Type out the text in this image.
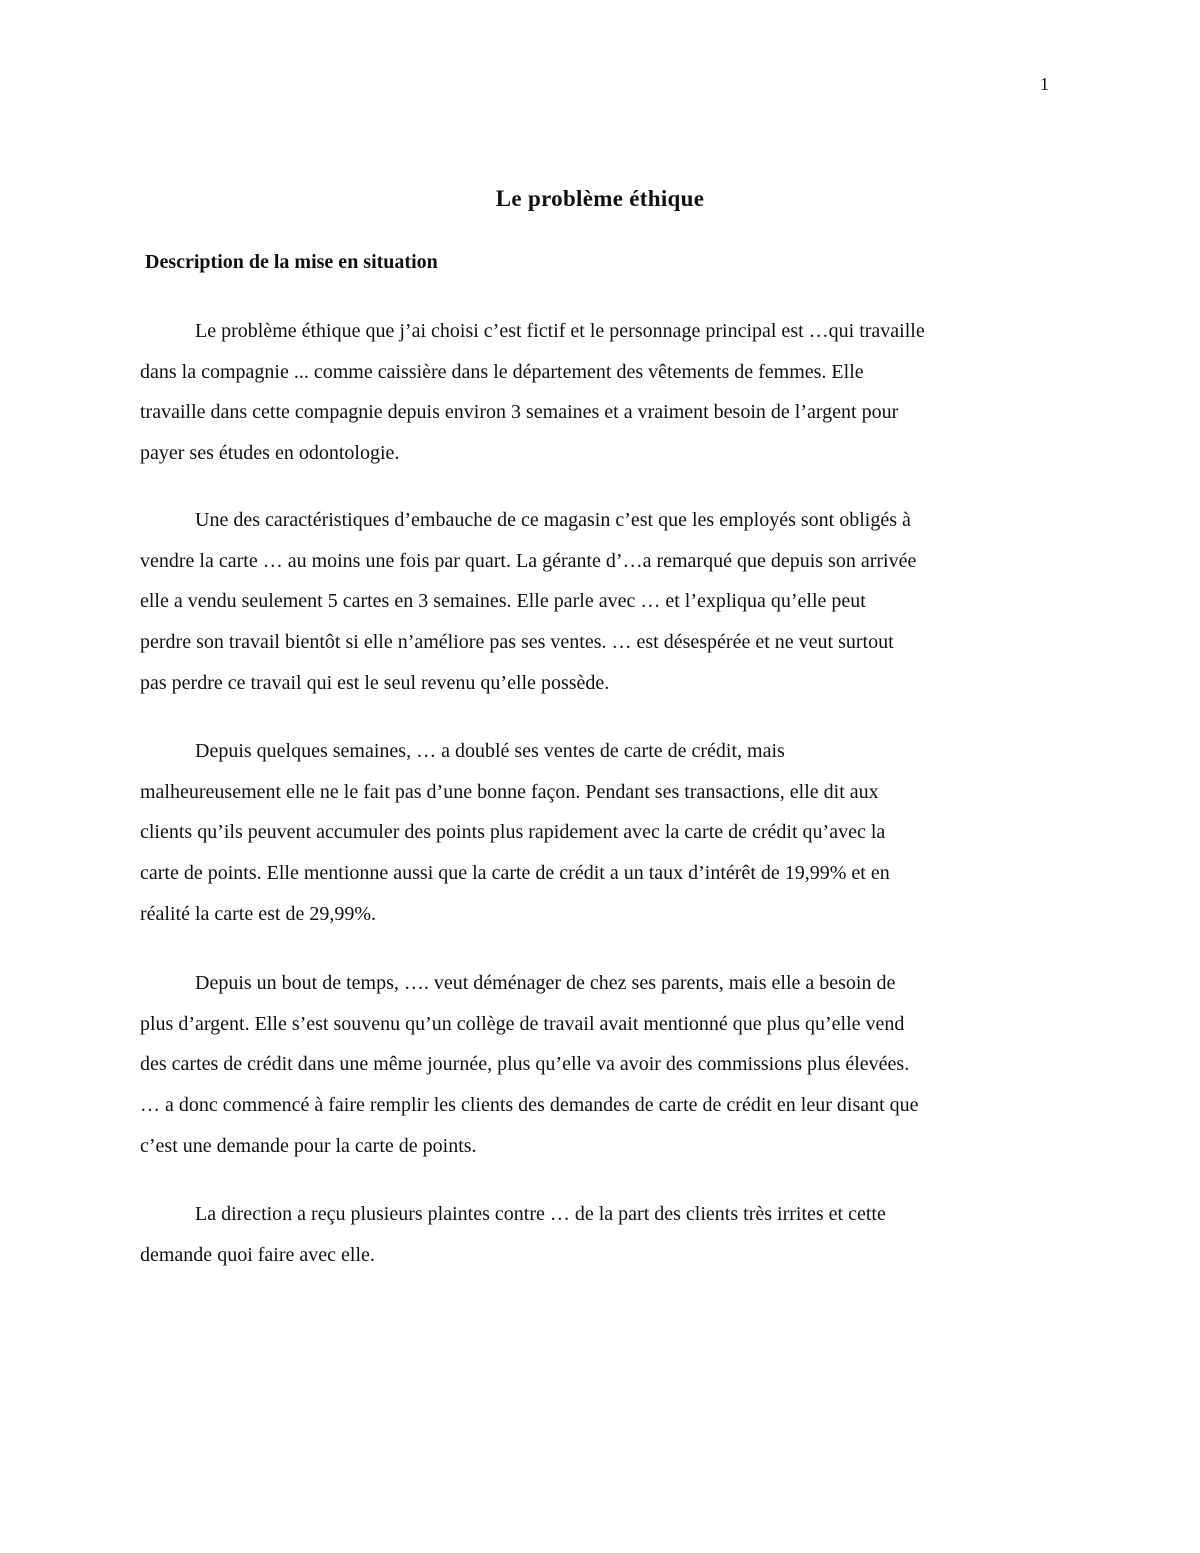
1
Le problème éthique
Description de la mise en situation
Le problème éthique que j’ai choisi c’est fictif et le personnage principal est …qui travaille
dans la compagnie ... comme caissière dans le département des vêtements de femmes. Elle
travaille dans cette compagnie depuis environ 3 semaines et a vraiment besoin de l’argent pour
payer ses études en odontologie.
Une des caractéristiques d’embauche de ce magasin c’est que les employés sont obligés à
vendre la carte … au moins une fois par quart. La gérante d’…a remarqué que depuis son arrivée
elle a vendu seulement 5 cartes en 3 semaines. Elle parle avec … et l’expliqua qu’elle peut
perdre son travail bientôt si elle n’améliore pas ses ventes. … est désespérée et ne veut surtout
pas perdre ce travail qui est le seul revenu qu’elle possède.
Depuis quelques semaines, … a doublé ses ventes de carte de crédit, mais
malheureusement elle ne le fait pas d’une bonne façon. Pendant ses transactions, elle dit aux
clients qu’ils peuvent accumuler des points plus rapidement avec la carte de crédit qu’avec la
carte de points. Elle mentionne aussi que la carte de crédit a un taux d’intérêt de 19,99% et en
réalité la carte est de 29,99%.
Depuis un bout de temps, …. veut déménager de chez ses parents, mais elle a besoin de
plus d’argent. Elle s’est souvenu qu’un collège de travail avait mentionné que plus qu’elle vend
des cartes de crédit dans une même journée, plus qu’elle va avoir des commissions plus élevées.
… a donc commencé à faire remplir les clients des demandes de carte de crédit en leur disant que
c’est une demande pour la carte de points.
La direction a reçu plusieurs plaintes contre … de la part des clients très irrites et cette
demande quoi faire avec elle.
